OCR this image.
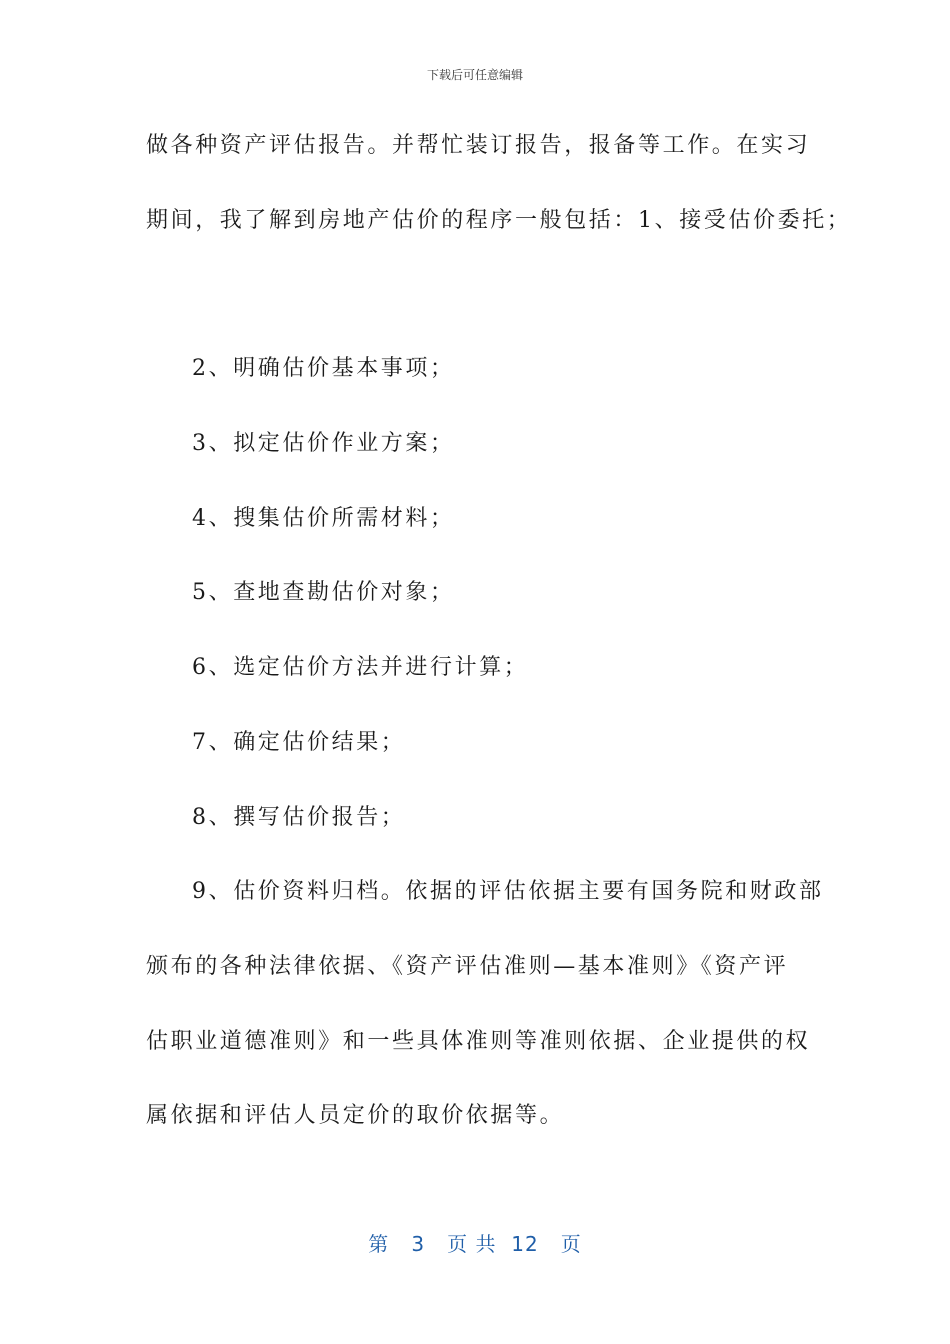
下载后可任意编辑
做各种资产评估报告。并帮忙装订报告，报备等工作。在实习
期间，我了解到房地产估价的程序一般包括：1、接受估价委托；
2、明确估价基本事项；
3、拟定估价作业方案；
4、搜集估价所需材料；
5、查地查勘估价对象；
6、选定估价方法并进行计算；
7、确定估价结果；
8、撰写估价报告；
9、估价资料归档。依据的评估依据主要有国务院和财政部
颁布的各种法律依据、《资产评估准则—基本准则》《资产评
估职业道德准则》和一些具体准则等准则依据、企业提供的权
属依据和评估人员定价的取价依据等。
第 3 页 共 12 页
